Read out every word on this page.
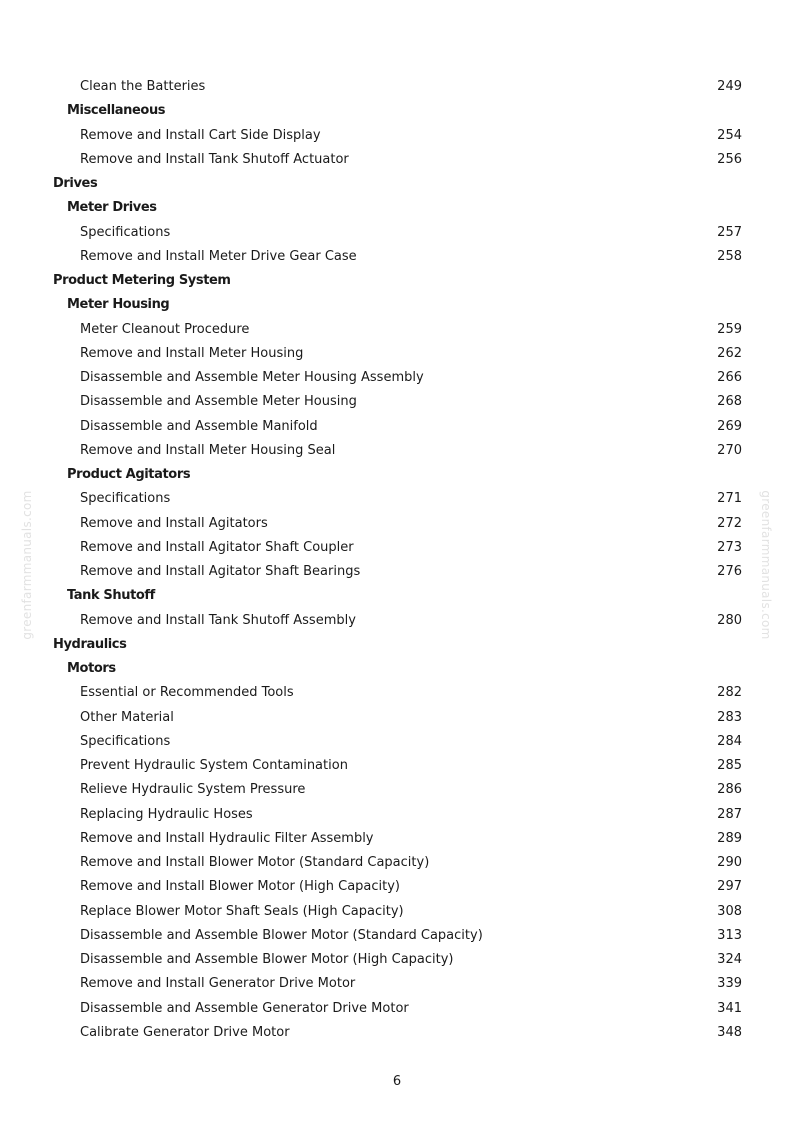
Clean the Batteries	249
Miscellaneous
Remove and Install Cart Side Display	254
Remove and Install Tank Shutoff Actuator	256
Drives
Meter Drives
Specifications	257
Remove and Install Meter Drive Gear Case	258
Product Metering System
Meter Housing
Meter Cleanout Procedure	259
Remove and Install Meter Housing	262
Disassemble and Assemble Meter Housing Assembly	266
Disassemble and Assemble Meter Housing	268
Disassemble and Assemble Manifold	269
Remove and Install Meter Housing Seal	270
Product Agitators
Specifications	271
Remove and Install Agitators	272
Remove and Install Agitator Shaft Coupler	273
Remove and Install Agitator Shaft Bearings	276
Tank Shutoff
Remove and Install Tank Shutoff Assembly	280
Hydraulics
Motors
Essential or Recommended Tools	282
Other Material	283
Specifications	284
Prevent Hydraulic System Contamination	285
Relieve Hydraulic System Pressure	286
Replacing Hydraulic Hoses	287
Remove and Install Hydraulic Filter Assembly	289
Remove and Install Blower Motor (Standard Capacity)	290
Remove and Install Blower Motor (High Capacity)	297
Replace Blower Motor Shaft Seals (High Capacity)	308
Disassemble and Assemble Blower Motor (Standard Capacity)	313
Disassemble and Assemble Blower Motor (High Capacity)	324
Remove and Install Generator Drive Motor	339
Disassemble and Assemble Generator Drive Motor	341
Calibrate Generator Drive Motor	348
greenfarmmanuals.com	greenfarmmanuals.com
6
